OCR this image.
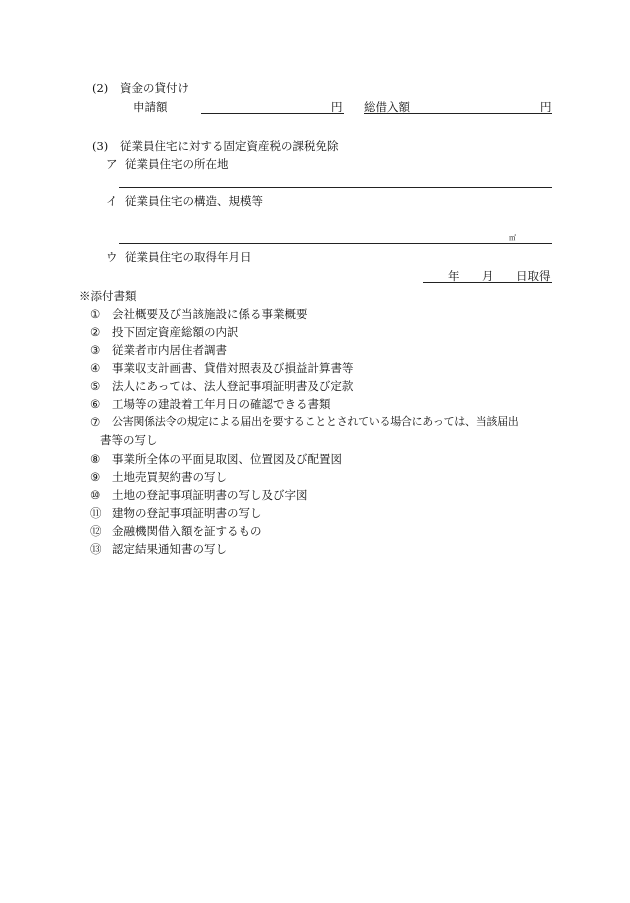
(2) 資金の貸付け
申請額	円 総借入額	円
(3) 従業員住宅に対する固定資産税の課税免除
ア 従業員住宅の所在地
イ 従業員住宅の構造、規模等
㎡
ウ 従業員住宅の取得年月日
年 月 日取得
※添付書類
① 会社概要及び当該施設に係る事業概要
② 投下固定資産総額の内訳
③ 従業者市内居住者調書
④ 事業収支計画書、貸借対照表及び損益計算書等
⑤ 法人にあっては、法人登記事項証明書及び定款
⑥ 工場等の建設着工年月日の確認できる書類
⑦ 公害関係法令の規定による届出を要することとされている場合にあっては、当該届出
書等の写し
⑧ 事業所全体の平面見取図、位置図及び配置図
⑨ 土地売買契約書の写し
⑩ 土地の登記事項証明書の写し及び字図
⑪ 建物の登記事項証明書の写し
⑫ 金融機関借入額を証するもの
⑬ 認定結果通知書の写し
